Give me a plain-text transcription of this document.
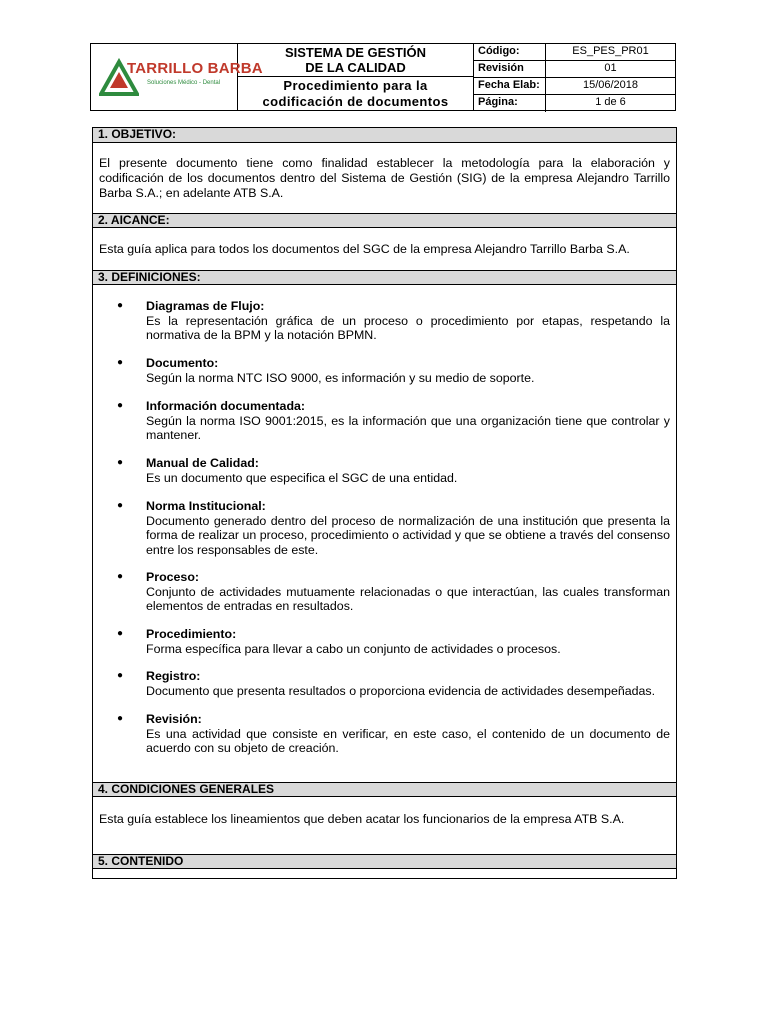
TARRILLO BARBA
Soluciones Médico - Dental
SISTEMA DE GESTIÓN
DE LA CALIDAD
Procedimiento para la
codificación de documentos
Código:	ES_PES_PR01
Revisión	01
Fecha Elab:	15/06/2018
Página:	1 de 6
1. OBJETIVO:
El presente documento tiene como finalidad establecer la metodología para la elaboración y codificación de los documentos dentro del Sistema de Gestión (SIG) de la empresa Alejandro Tarrillo Barba S.A.; en adelante ATB S.A.
2. AICANCE:
Esta guía aplica para todos los documentos del SGC de la empresa Alejandro Tarrillo Barba S.A.
3. DEFINICIONES:
● Diagramas de Flujo:
Es la representación gráfica de un proceso o procedimiento por etapas, respetando la normativa de la BPM y la notación BPMN.
● Documento:
Según la norma NTC ISO 9000, es información y su medio de soporte.
● Información documentada:
Según la norma ISO 9001:2015, es la información que una organización tiene que controlar y mantener.
● Manual de Calidad:
Es un documento que especifica el SGC de una entidad.
● Norma Institucional:
Documento generado dentro del proceso de normalización de una institución que presenta la forma de realizar un proceso, procedimiento o actividad y que se obtiene a través del consenso entre los responsables de este.
● Proceso:
Conjunto de actividades mutuamente relacionadas o que interactúan, las cuales transforman elementos de entradas en resultados.
● Procedimiento:
Forma específica para llevar a cabo un conjunto de actividades o procesos.
● Registro:
Documento que presenta resultados o proporciona evidencia de actividades desempeñadas.
● Revisión:
Es una actividad que consiste en verificar, en este caso, el contenido de un documento de acuerdo con su objeto de creación.
4. CONDICIONES GENERALES
Esta guía establece los lineamientos que deben acatar los funcionarios de la empresa ATB S.A.
5. CONTENIDO
